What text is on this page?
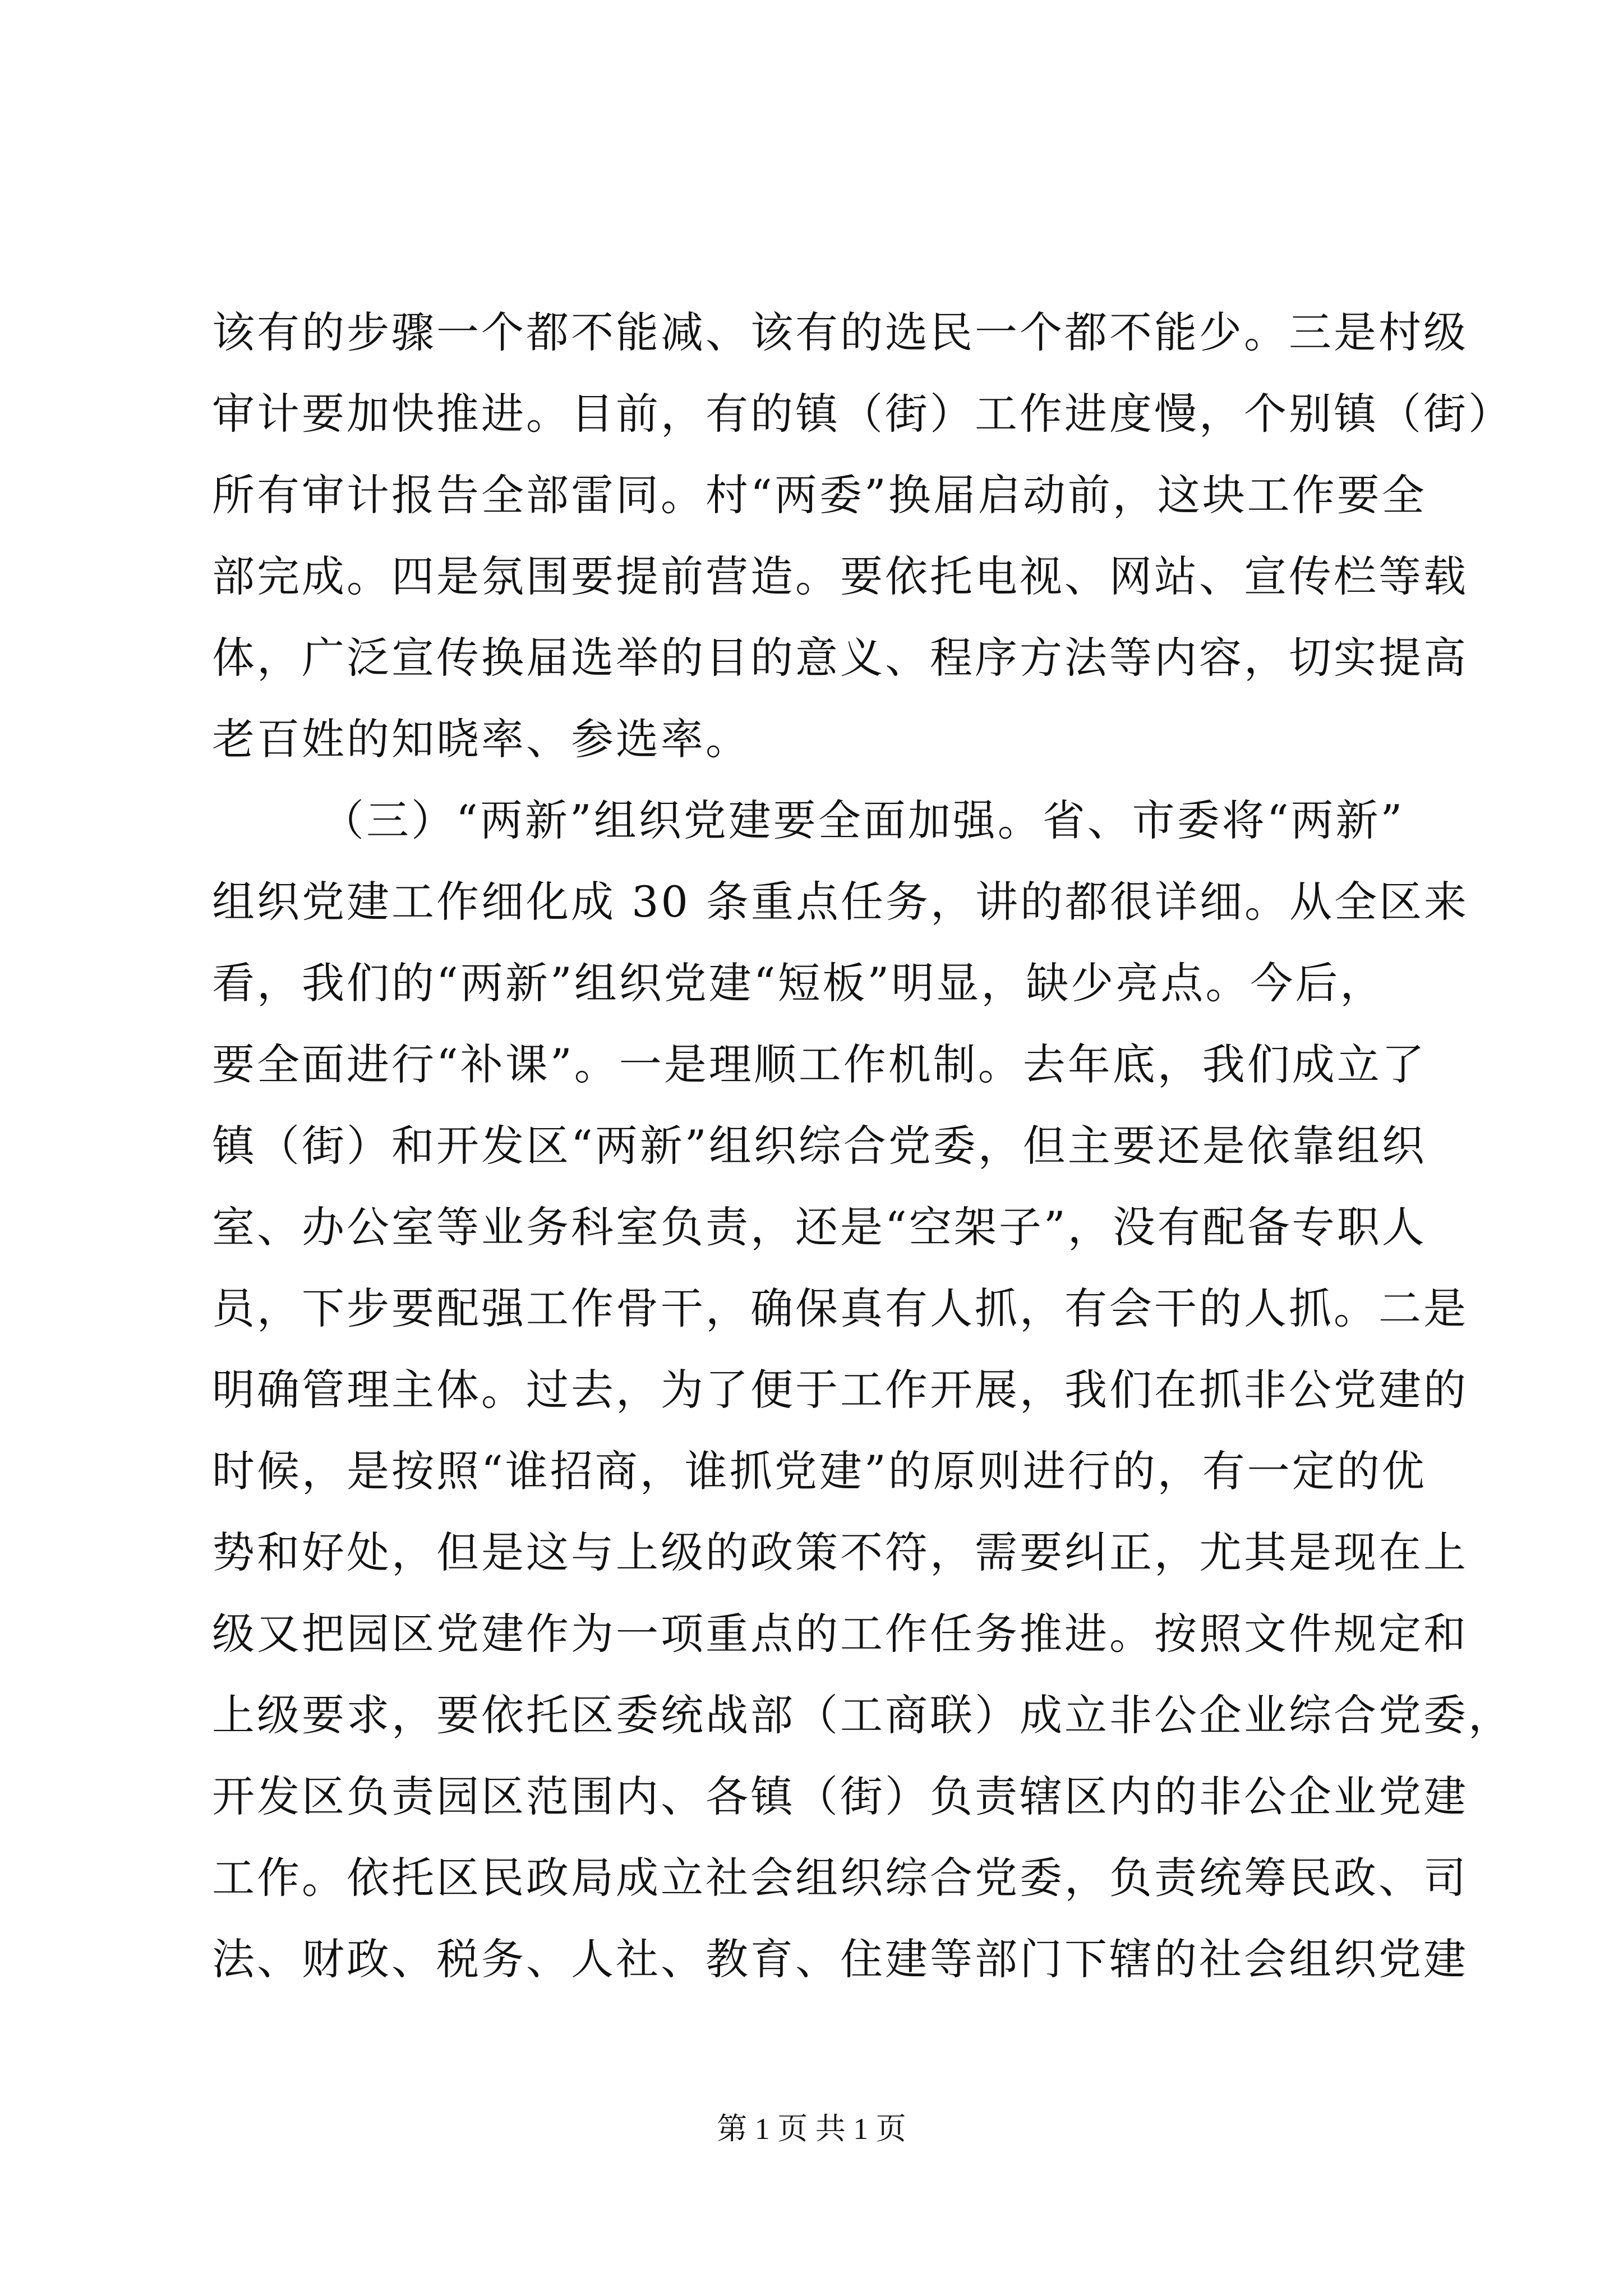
该有的步骤一个都不能减、该有的选民一个都不能少。三是村级
审计要加快推进。目前，有的镇（街）工作进度慢，个别镇（街）
所有审计报告全部雷同。村“两委”换届启动前，这块工作要全
部完成。四是氛围要提前营造。要依托电视、网站、宣传栏等载
体，广泛宣传换届选举的目的意义、程序方法等内容，切实提高
老百姓的知晓率、参选率。
（三）“两新”组织党建要全面加强。省、市委将“两新”
组织党建工作细化成 30 条重点任务，讲的都很详细。从全区来
看，我们的“两新”组织党建“短板”明显，缺少亮点。今后，
要全面进行“补课”。一是理顺工作机制。去年底，我们成立了
镇（街）和开发区“两新”组织综合党委，但主要还是依靠组织
室、办公室等业务科室负责，还是“空架子”，没有配备专职人
员，下步要配强工作骨干，确保真有人抓，有会干的人抓。二是
明确管理主体。过去，为了便于工作开展，我们在抓非公党建的
时候，是按照“谁招商，谁抓党建”的原则进行的，有一定的优
势和好处，但是这与上级的政策不符，需要纠正，尤其是现在上
级又把园区党建作为一项重点的工作任务推进。按照文件规定和
上级要求，要依托区委统战部（工商联）成立非公企业综合党委，
开发区负责园区范围内、各镇（街）负责辖区内的非公企业党建
工作。依托区民政局成立社会组织综合党委，负责统筹民政、司
法、财政、税务、人社、教育、住建等部门下辖的社会组织党建
第 1 页 共 1 页
